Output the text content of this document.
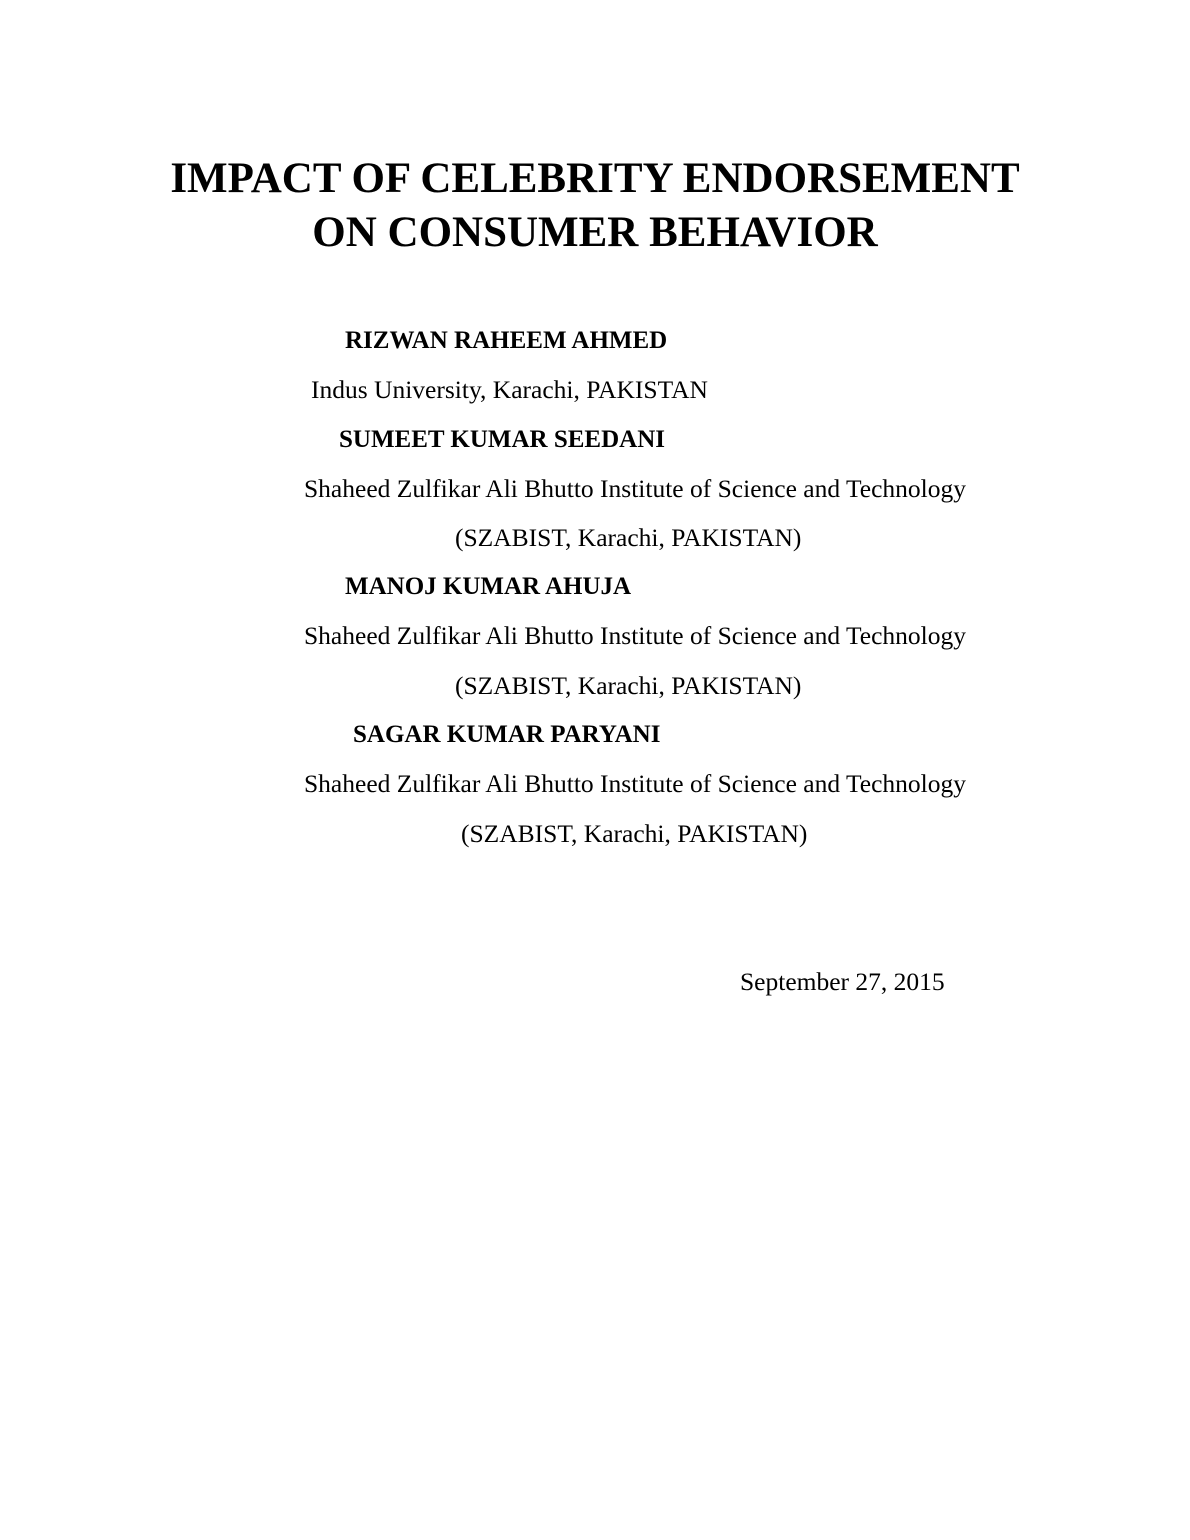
IMPACT OF CELEBRITY ENDORSEMENT
ON CONSUMER BEHAVIOR

RIZWAN RAHEEM AHMED

Indus University, Karachi, PAKISTAN

SUMEET KUMAR SEEDANI

Shaheed Zulfikar Ali Bhutto Institute of Science and Technology

(SZABIST, Karachi, PAKISTAN)

MANOJ KUMAR AHUJA

Shaheed Zulfikar Ali Bhutto Institute of Science and Technology

(SZABIST, Karachi, PAKISTAN)

SAGAR KUMAR PARYANI

Shaheed Zulfikar Ali Bhutto Institute of Science and Technology

(SZABIST, Karachi, PAKISTAN)

September 27, 2015
